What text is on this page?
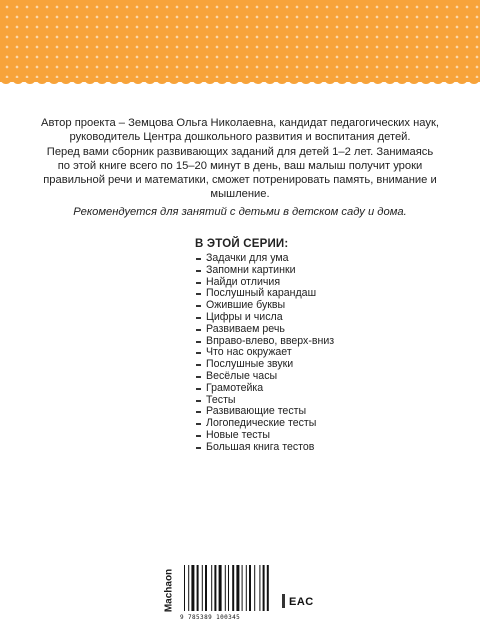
Автор проекта – Земцова Ольга Николаевна, кандидат педагогических наук, руководитель Центра дошкольного развития и воспитания детей.

Перед вами сборник развивающих заданий для детей 1–2 лет. Занимаясь по этой книге всего по 15–20 минут в день, ваш малыш получит уроки правильной речи и математики, сможет потренировать память, внимание и мышление.

Рекомендуется для занятий с детьми в детском саду и дома.

В ЭТОЙ СЕРИИ:

Задачки для ума
Запомни картинки
Найди отличия
Послушный карандаш
Ожившие буквы
Цифры и числа
Развиваем речь
Вправо-влево, вверх-вниз
Что нас окружает
Послушные звуки
Весёлые часы
Грамотейка
Тесты
Развивающие тесты
Логопедические тесты
Новые тесты
Большая книга тестов
Machaon
9 785389 100345
EAC
